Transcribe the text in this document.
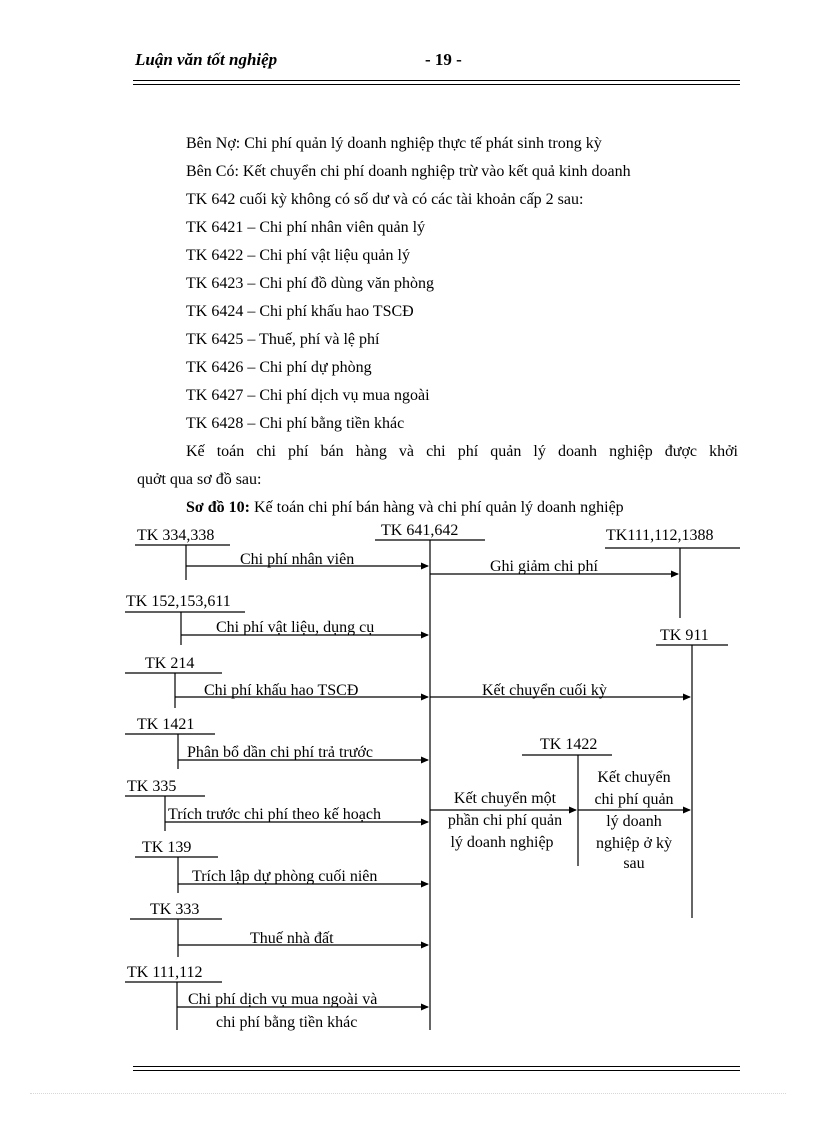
Luận văn tốt nghiệp	- 19 -
Bên Nợ: Chi phí quản lý doanh nghiệp thực tế phát sinh trong kỳ
Bên Có: Kết chuyển chi phí doanh nghiệp trừ vào kết quả kinh doanh
TK 642 cuối kỳ không có số dư và có các tài khoản cấp 2 sau:
TK 6421 – Chi phí nhân viên quản lý
TK 6422 – Chi phí vật liệu quản lý
TK 6423 – Chi phí đồ dùng văn phòng
TK 6424 – Chi phí khấu hao TSCĐ
TK 6425 – Thuế, phí và lệ phí
TK 6426 – Chi phí dự phòng
TK 6427 – Chi phí dịch vụ mua ngoài
TK 6428 – Chi phí bằng tiền khác
Kế toán chi phí bán hàng và chi phí quản lý doanh nghiệp được khởi
quởt qua sơ đồ sau:
Sơ đồ 10: Kế toán chi phí bán hàng và chi phí quản lý doanh nghiệp
TK 334,338	TK 641,642	TK111,112,1388
TK 152,153,611
TK 911
TK 214
TK 1421
TK 1422
TK 335
TK 139
TK 333
TK 111,112
Chi phí nhân viên	Ghi giảm chi phí
Chi phí vật liệu, dụng cụ
Chi phí khấu hao TSCĐ	Kết chuyển cuối kỳ
Phân bổ dần chi phí trả trước
Trích trước chi phí theo kế hoạch
Kết chuyển một
phần chi phí quản
lý doanh nghiệp
Kết chuyển
chi phí quản
lý doanh
nghiệp ở kỳ
sau
Trích lập dự phòng cuối niên
Thuế nhà đất
Chi phí dịch vụ mua ngoài và
chi phí bằng tiền khác
